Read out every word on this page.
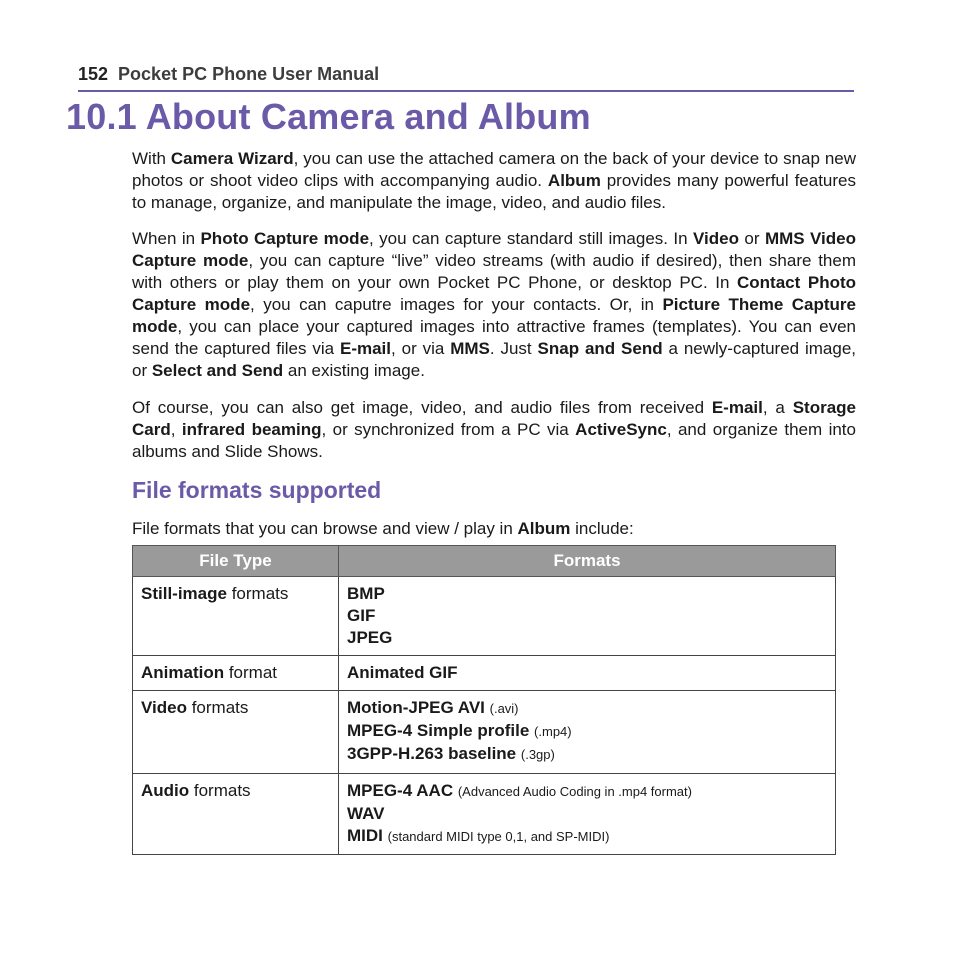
152 Pocket PC Phone User Manual
10.1 About Camera and Album

With Camera Wizard, you can use the attached camera on the back of your device to snap new photos or shoot video clips with accompanying audio. Album provides many powerful features to manage, organize, and manipulate the image, video, and audio files.

When in Photo Capture mode, you can capture standard still images. In Video or MMS Video Capture mode, you can capture “live” video streams (with audio if desired), then share them with others or play them on your own Pocket PC Phone, or desktop PC. In Contact Photo Capture mode, you can caputre images for your contacts. Or, in Picture Theme Capture mode, you can place your captured images into attractive frames (templates). You can even send the captured files via E-mail, or via MMS. Just Snap and Send a newly-captured image, or Select and Send an existing image.

Of course, you can also get image, video, and audio files from received E-mail, a Storage Card, infrared beaming, or synchronized from a PC via ActiveSync, and organize them into albums and Slide Shows.

File formats supported

File formats that you can browse and view / play in Album include:

File Type	Formats
Still-image formats	BMP
GIF
JPEG

Animation format	Animated GIF

Video formats	Motion-JPEG AVI (.avi)
MPEG-4 Simple profile (.mp4)
3GPP-H.263 baseline (.3gp)

Audio formats	MPEG-4 AAC (Advanced Audio Coding in .mp4 format)
WAV
MIDI (standard MIDI type 0,1, and SP-MIDI)
